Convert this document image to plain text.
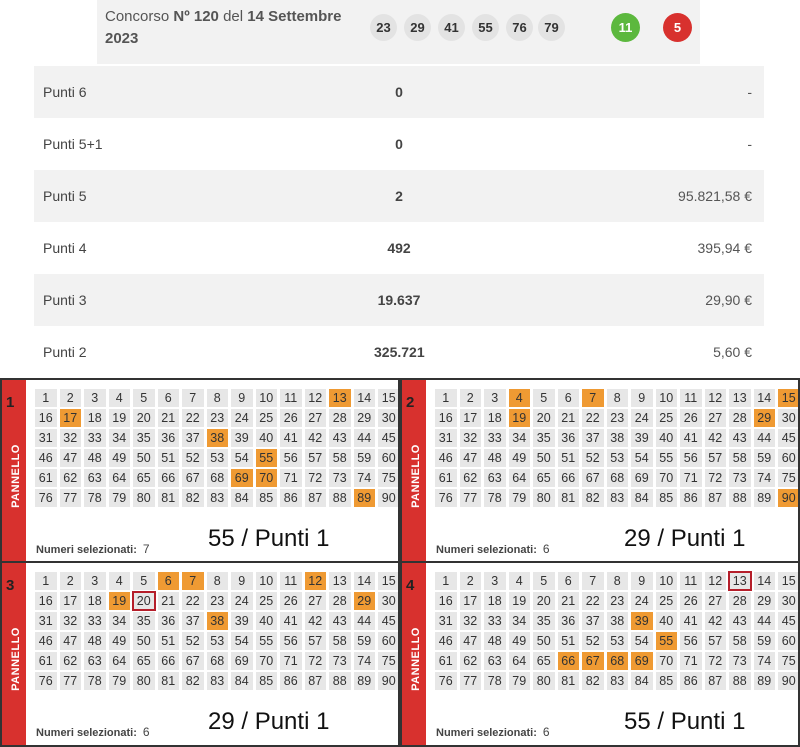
Concorso Nº 120 del 14 Settembre 2023
23	29	41	55	76	79	11	5
Punti 6	0	-
Punti 5+1	0	-
Punti 5	2	95.821,58 €
Punti 4	492	395,94 €
Punti 3	19.637	29,90 €
Punti 2	325.721	5,60 €
1
PANNELLO
1	2	3	4	5	6	7	8	9	10 11 12 13 14 15
16 17 18 19 20 21 22 23 24 25 26 27 28 29 30
31 32 33 34 35 36 37 38 39 40 41 42 43 44 45
46 47 48 49 50 51 52 53 54 55 56 57 58 59 60
61 62 63 64 65 66 67 68 69 70 71 72 73 74 75
76 77 78 79 80 81 82 83 84 85 86 87 88 89 90
Numeri selezionati: 7 55 / Punti 1
2
PANNELLO
1	2	3	4	5	6	7	8	9	10 11 12 13 14 15
16 17 18 19 20 21 22 23 24 25 26 27 28 29 30
31 32 33 34 35 36 37 38 39 40 41 42 43 44 45
46 47 48 49 50 51 52 53 54 55 56 57 58 59 60
61 62 63 64 65 66 67 68 69 70 71 72 73 74 75
76 77 78 79 80 81 82 83 84 85 86 87 88 89 90
Numeri selezionati: 6	29 / Punti 1
3
PANNELLO
1	2	3	4	5	6	7	8	9	10 11 12 13 14 15
16 17 18 19 20 21 22 23 24 25 26 27 28 29 30
31 32 33 34 35 36 37 38 39 40 41 42 43 44 45
46 47 48 49 50 51 52 53 54 55 56 57 58 59 60
61 62 63 64 65 66 67 68 69 70 71 72 73 74 75
76 77 78 79 80 81 82 83 84 85 86 87 88 89 90
Numeri selezionati: 6 29 / Punti 1
4
PANNELLO
1	2	3	4	5	6	7	8	9	10 11 12 13 14 15
16 17 18 19 20 21 22 23 24 25 26 27 28 29 30
31 32 33 34 35 36 37 38 39 40 41 42 43 44 45
46 47 48 49 50 51 52 53 54 55 56 57 58 59 60
61 62 63 64 65 66 67 68 69 70 71 72 73 74 75
76 77 78 79 80 81 82 83 84 85 86 87 88 89 90
Numeri selezionati: 6	55 / Punti 1
